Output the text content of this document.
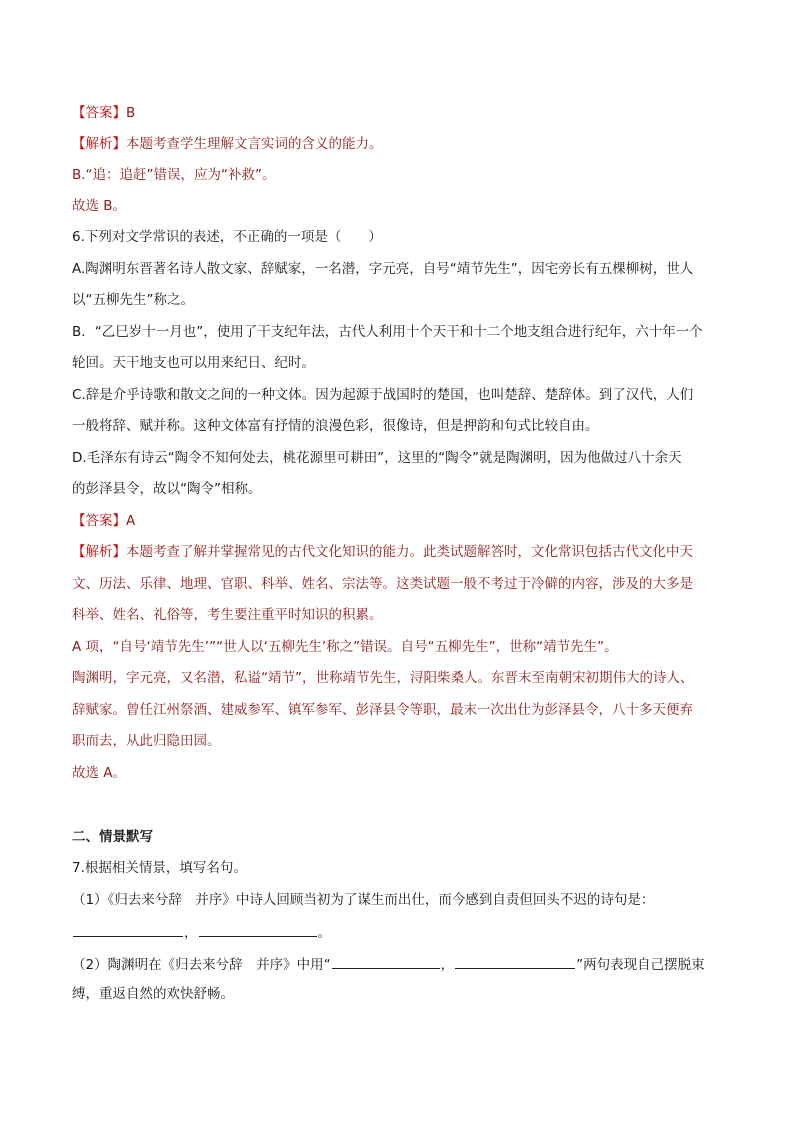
【答案】B
【解析】本题考查学生理解文言实词的含义的能力。
B.“追：追赶”错误，应为“补救”。
故选 B。
6.下列对文学常识的表述，不正确的一项是（　　）
A.陶渊明东晋著名诗人散文家、辞赋家，一名潜，字元亮，自号“靖节先生”，因宅旁长有五棵柳树，世人
以“五柳先生”称之。
B．“乙巳岁十一月也”，使用了干支纪年法，古代人利用十个天干和十二个地支组合进行纪年，六十年一个
轮回。天干地支也可以用来纪日、纪时。
C.辞是介乎诗歌和散文之间的一种文体。因为起源于战国时的楚国，也叫楚辞、楚辞体。到了汉代，人们
一般将辞、赋并称。这种文体富有抒情的浪漫色彩，很像诗，但是押韵和句式比较自由。
D.毛泽东有诗云“陶令不知何处去，桃花源里可耕田”，这里的“陶令”就是陶渊明，因为他做过八十余天
的彭泽县令，故以“陶令”相称。
【答案】A
【解析】本题考查了解并掌握常见的古代文化知识的能力。此类试题解答时，文化常识包括古代文化中天
文、历法、乐律、地理、官职、科举、姓名、宗法等。这类试题一般不考过于冷僻的内容，涉及的大多是
科举、姓名、礼俗等，考生要注重平时知识的积累。
A 项，“自号‘靖节先生’”“世人以‘五柳先生’称之”错误。自号“五柳先生”，世称“靖节先生”。
陶渊明，字元亮，又名潜，私谥“靖节”，世称靖节先生，浔阳柴桑人。东晋末至南朝宋初期伟大的诗人、
辞赋家。曾任江州祭酒、建威参军、镇军参军、彭泽县令等职，最末一次出仕为彭泽县令，八十多天便弃
职而去，从此归隐田园。
故选 A。
二、情景默写
7.根据相关情景，填写名句。
（1）《归去来兮辞　并序》中诗人回顾当初为了谋生而出仕，而今感到自责但回头不迟的诗句是：
，	。
（2）陶渊明在《归去来兮辞　并序》中用“	，	”两句表现自己摆脱束
缚，重返自然的欢快舒畅。
